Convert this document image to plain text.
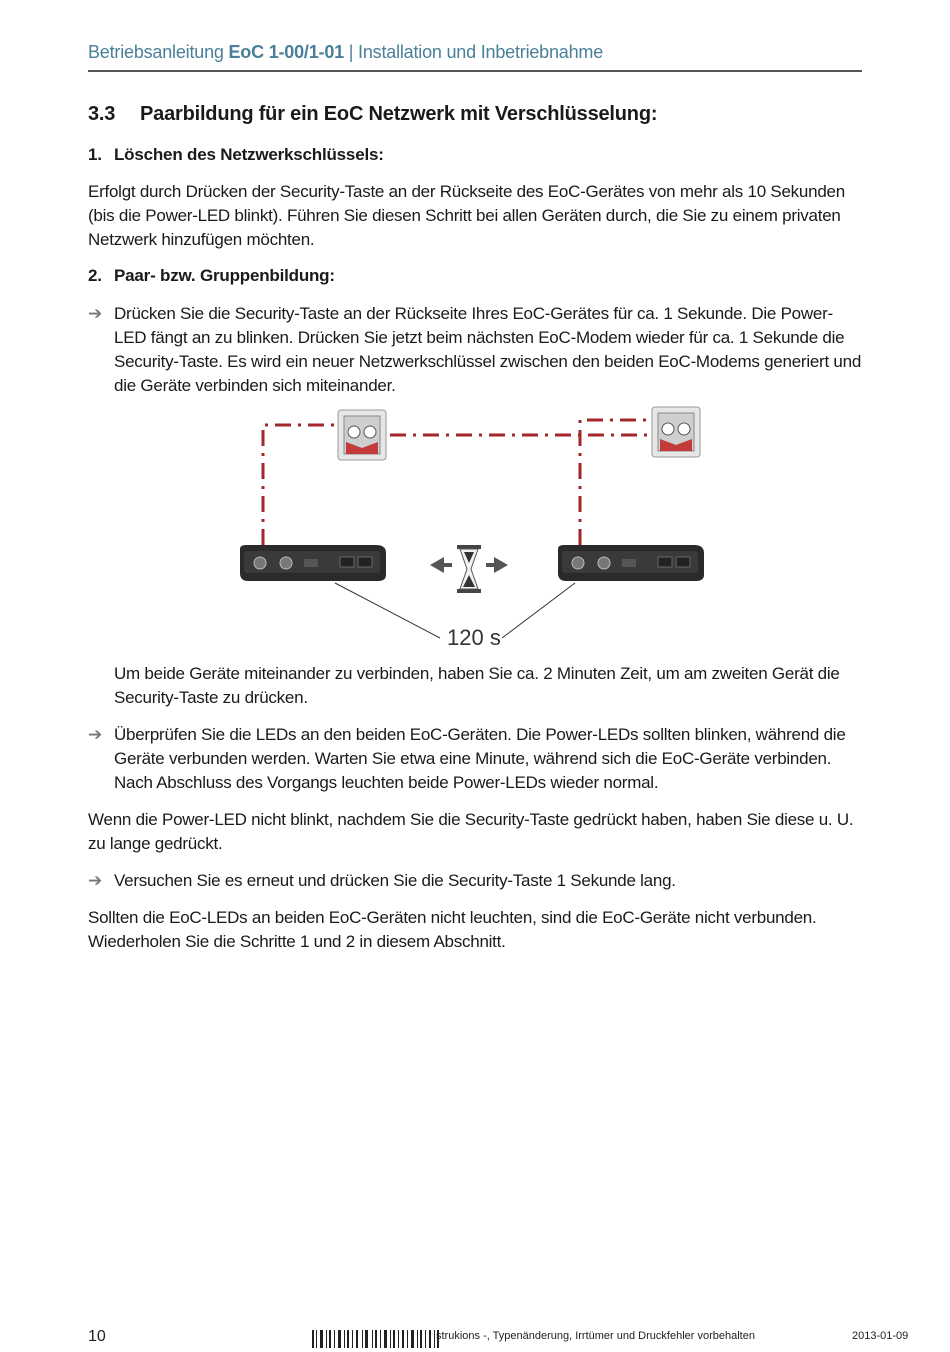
Betriebsanleitung EoC 1-00/1-01 | Installation und Inbetriebnahme
3.3 Paarbildung für ein EoC Netzwerk mit Verschlüsselung:
1. Löschen des Netzwerkschlüssels:
Erfolgt durch Drücken der Security-Taste an der Rückseite des EoC-Gerätes von mehr als 10 Sekunden (bis die Power-LED blinkt). Führen Sie diesen Schritt bei allen Geräten durch, die Sie zu einem privaten Netzwerk hinzufügen möchten.
2. Paar- bzw. Gruppenbildung:
➔ Drücken Sie die Security-Taste an der Rückseite Ihres EoC-Gerätes für ca. 1 Sekunde. Die Power-LED fängt an zu blinken. Drücken Sie jetzt beim nächsten EoC-Modem wieder für ca. 1 Sekunde die Security-Taste. Es wird ein neuer Netzwerkschlüssel zwischen den beiden EoC-Modems generiert und die Geräte verbinden sich miteinander.
120 s
Um beide Geräte miteinander zu verbinden, haben Sie ca. 2 Minuten Zeit, um am zweiten Gerät die Security-Taste zu drücken.
➔ Überprüfen Sie die LEDs an den beiden EoC-Geräten. Die Power-LEDs sollten blinken, während die Geräte verbunden werden. Warten Sie etwa eine Minute, während sich die EoC-Geräte verbinden. Nach Abschluss des Vorgangs leuchten beide Power-LEDs wieder normal.
Wenn die Power-LED nicht blinkt, nachdem Sie die Security-Taste gedrückt haben, haben Sie diese u. U. zu lange gedrückt.
➔ Versuchen Sie es erneut und drücken Sie die Security-Taste 1 Sekunde lang.
Sollten die EoC-LEDs an beiden EoC-Geräten nicht leuchten, sind die EoC-Geräte nicht verbunden. Wiederholen Sie die Schritte 1 und 2 in diesem Abschnitt.
10	strukions -, Typenänderung, Irrtümer und Druckfehler vorbehalten	2013-01-09
